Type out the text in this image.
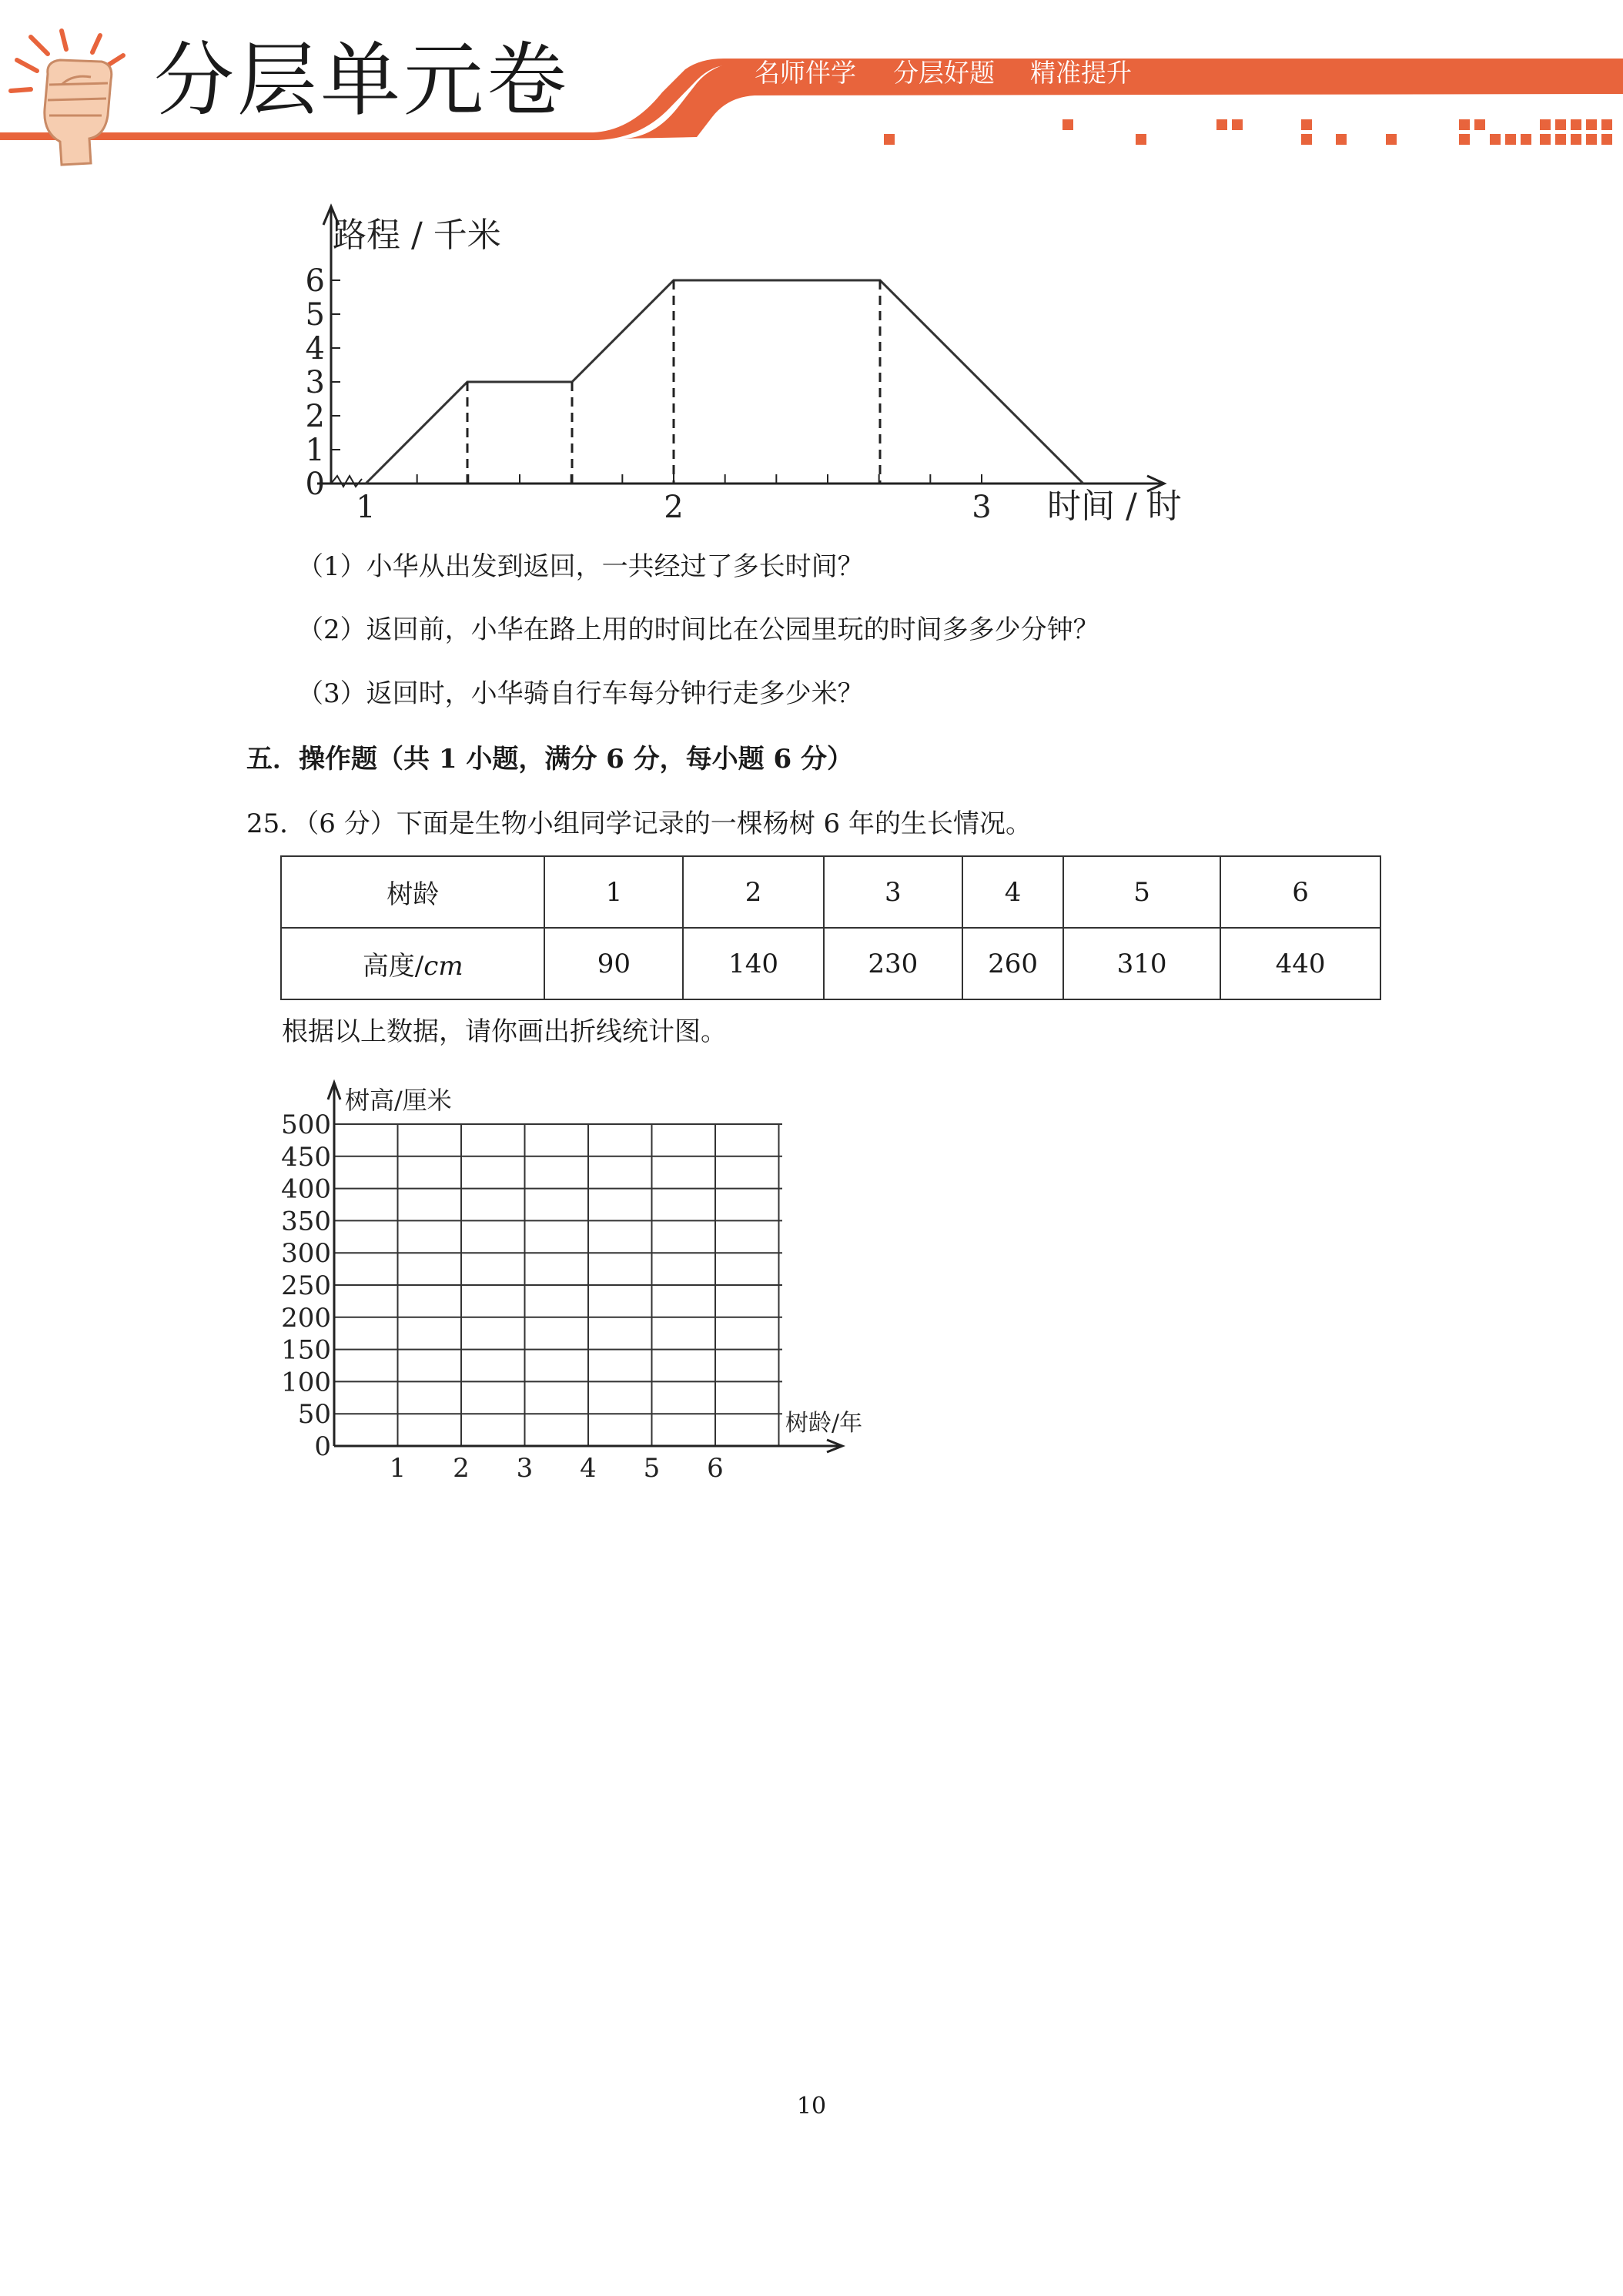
分层单元卷	名师伴学 分层好题 精准提升
0
1
2
3
4
5
6
1	2	3
路程 / 千米
时间 / 时
（1）小华从出发到返回，一共经过了多长时间？
（2）返回前，小华在路上用的时间比在公园里玩的时间多多少分钟？
（3）返回时，小华骑自行车每分钟行走多少米？
五．操作题（共 1 小题，满分 6 分，每小题 6 分）
25．（6 分）下面是生物小组同学记录的一棵杨树 6 年的生长情况。
树龄	1	2	3	4	5	6
高度/cm	90	140	230	260	310	440
根据以上数据，请你画出折线统计图。
0
50
100
150
200
250
300
350
400
450
500
1 2 3 4 5 6
树高/厘米
树龄/年
10
